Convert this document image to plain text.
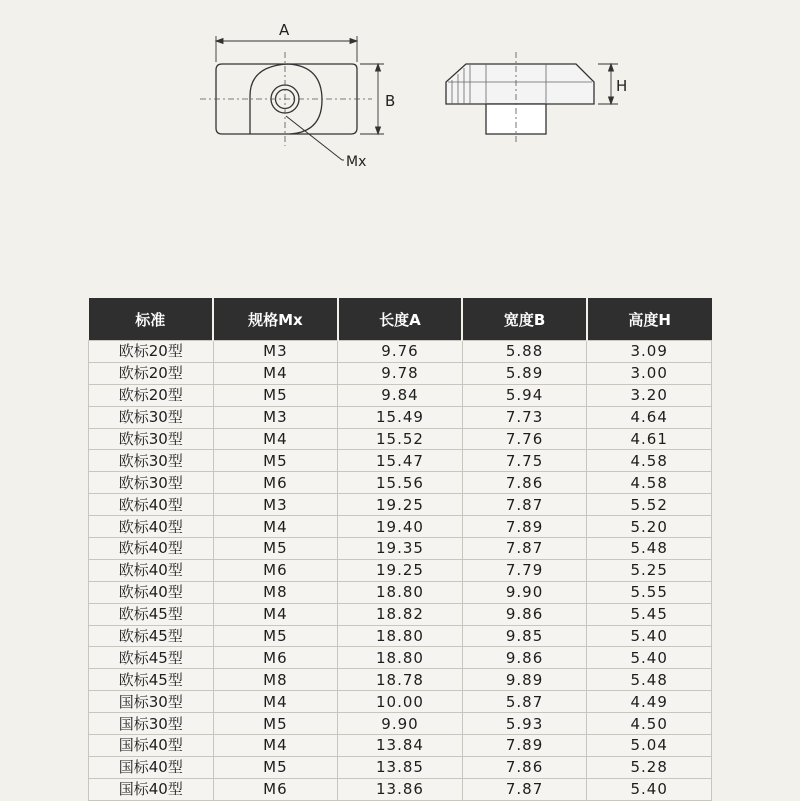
A
B
H
Mx
标准	规格Mx	长度A	宽度B	高度H
欧标20型	M3	9.76	5.88	3.09
欧标20型	M4	9.78	5.89	3.00
欧标20型	M5	9.84	5.94	3.20
欧标30型	M3	15.49	7.73	4.64
欧标30型	M4	15.52	7.76	4.61
欧标30型	M5	15.47	7.75	4.58
欧标30型	M6	15.56	7.86	4.58
欧标40型	M3	19.25	7.87	5.52
欧标40型	M4	19.40	7.89	5.20
欧标40型	M5	19.35	7.87	5.48
欧标40型	M6	19.25	7.79	5.25
欧标40型	M8	18.80	9.90	5.55
欧标45型	M4	18.82	9.86	5.45
欧标45型	M5	18.80	9.85	5.40
欧标45型	M6	18.80	9.86	5.40
欧标45型	M8	18.78	9.89	5.48
国标30型	M4	10.00	5.87	4.49
国标30型	M5	9.90	5.93	4.50
国标40型	M4	13.84	7.89	5.04
国标40型	M5	13.85	7.86	5.28
国标40型	M6	13.86	7.87	5.40
